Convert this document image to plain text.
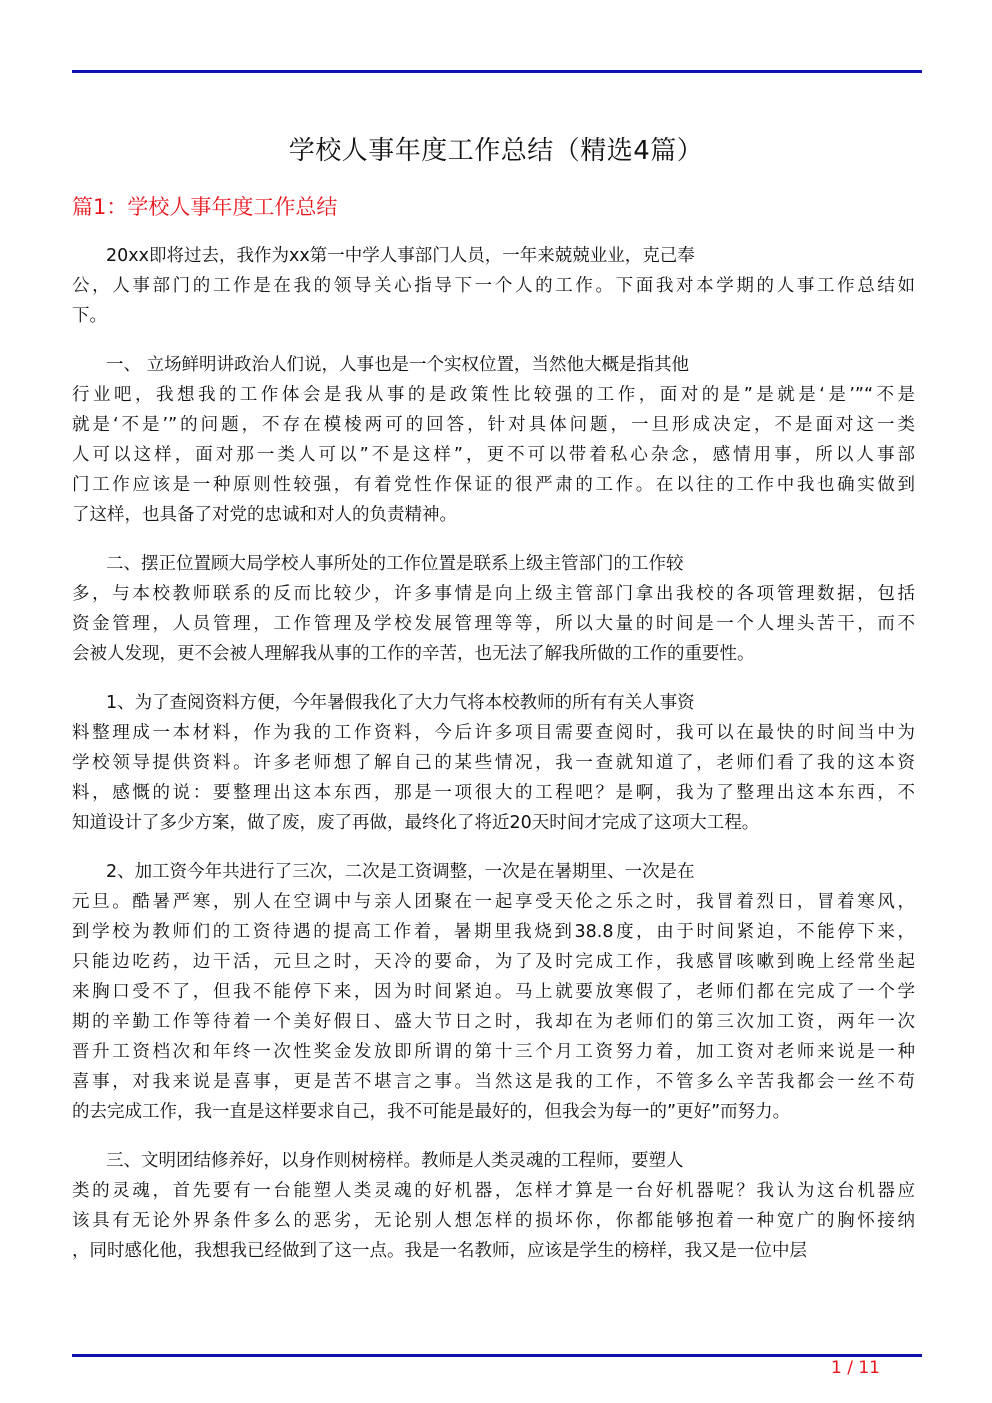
学校人事年度工作总结（精选4篇）
篇1：学校人事年度工作总结
20xx即将过去，我作为xx第一中学人事部门人员，一年来兢兢业业，克己奉
公，人事部门的工作是在我的领导关心指导下一个人的工作。下面我对本学期的人事工作总结如
下。
一、 立场鲜明讲政治人们说，人事也是一个实权位置，当然他大概是指其他
行业吧，我想我的工作体会是我从事的是政策性比较强的工作，面对的是”是就是‘是’”“不是
就是‘不是’”的问题，不存在模棱两可的回答，针对具体问题，一旦形成决定，不是面对这一类
人可以这样，面对那一类人可以”不是这样”，更不可以带着私心杂念，感情用事，所以人事部
门工作应该是一种原则性较强，有着党性作保证的很严肃的工作。在以往的工作中我也确实做到
了这样，也具备了对党的忠诚和对人的负责精神。
二、摆正位置顾大局学校人事所处的工作位置是联系上级主管部门的工作较
多，与本校教师联系的反而比较少，许多事情是向上级主管部门拿出我校的各项管理数据，包括
资金管理，人员管理，工作管理及学校发展管理等等，所以大量的时间是一个人埋头苦干，而不
会被人发现，更不会被人理解我从事的工作的辛苦，也无法了解我所做的工作的重要性。
1、为了查阅资料方便，今年暑假我化了大力气将本校教师的所有有关人事资
料整理成一本材料，作为我的工作资料，今后许多项目需要查阅时，我可以在最快的时间当中为
学校领导提供资料。许多老师想了解自己的某些情况，我一查就知道了，老师们看了我的这本资
料，感慨的说：要整理出这本东西，那是一项很大的工程吧？是啊，我为了整理出这本东西，不
知道设计了多少方案，做了废，废了再做，最终化了将近20天时间才完成了这项大工程。
2、加工资今年共进行了三次，二次是工资调整，一次是在暑期里、一次是在
元旦。酷暑严寒，别人在空调中与亲人团聚在一起享受天伦之乐之时，我冒着烈日，冒着寒风，
到学校为教师们的工资待遇的提高工作着，暑期里我烧到38.8度，由于时间紧迫，不能停下来，
只能边吃药，边干活，元旦之时，天冷的要命，为了及时完成工作，我感冒咳嗽到晚上经常坐起
来胸口受不了，但我不能停下来，因为时间紧迫。马上就要放寒假了，老师们都在完成了一个学
期的辛勤工作等待着一个美好假日、盛大节日之时，我却在为老师们的第三次加工资，两年一次
晋升工资档次和年终一次性奖金发放即所谓的第十三个月工资努力着，加工资对老师来说是一种
喜事，对我来说是喜事，更是苦不堪言之事。当然这是我的工作，不管多么辛苦我都会一丝不苟
的去完成工作，我一直是这样要求自己，我不可能是最好的，但我会为每一的”更好”而努力。
三、文明团结修养好，以身作则树榜样。教师是人类灵魂的工程师，要塑人
类的灵魂，首先要有一台能塑人类灵魂的好机器，怎样才算是一台好机器呢？我认为这台机器应
该具有无论外界条件多么的恶劣，无论别人想怎样的损坏你，你都能够抱着一种宽广的胸怀接纳
，同时感化他，我想我已经做到了这一点。我是一名教师，应该是学生的榜样，我又是一位中层
1 / 11
